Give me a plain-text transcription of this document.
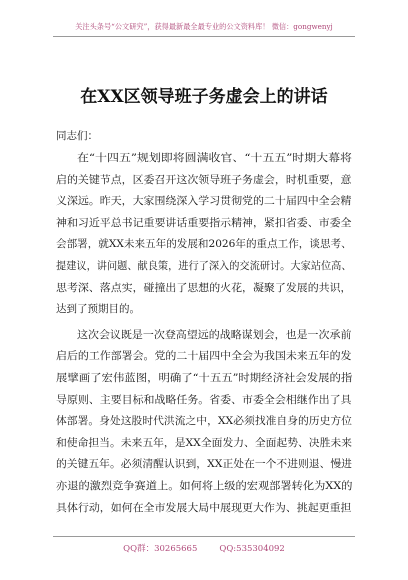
关注头条号“公文研究”，获得最新最全最专业的公文资料库！ 微信：gongwenyj
在XX区领导班子务虚会上的讲话
同志们：
在“十四五”规划即将圆满收官、“十五五”时期大幕将
启的关键节点，区委召开这次领导班子务虚会，时机重要，意
义深远。昨天，大家围绕深入学习贯彻党的二十届四中全会精
神和习近平总书记重要讲话重要指示精神，紧扣省委、市委全
会部署，就XX未来五年的发展和2026年的重点工作，谈思考、
提建议，讲问题、献良策，进行了深入的交流研讨。大家站位高、
思考深、落点实，碰撞出了思想的火花，凝聚了发展的共识，
达到了预期目的。
这次会议既是一次登高望远的战略谋划会，也是一次承前
启后的工作部署会。党的二十届四中全会为我国未来五年的发
展擘画了宏伟蓝图，明确了“十五五”时期经济社会发展的指
导原则、主要目标和战略任务。省委、市委全会相继作出了具
体部署。身处这股时代洪流之中，XX必须找准自身的历史方位
和使命担当。未来五年，是XX全面发力、全面起势、决胜未来
的关键五年。必须清醒认识到，XX正处在一个不进则退、慢进
亦退的激烈竞争赛道上。如何将上级的宏观部署转化为XX的
具体行动，如何在全市发展大局中展现更大作为、挑起更重担
QQ群：30265665	QQ:535304092
